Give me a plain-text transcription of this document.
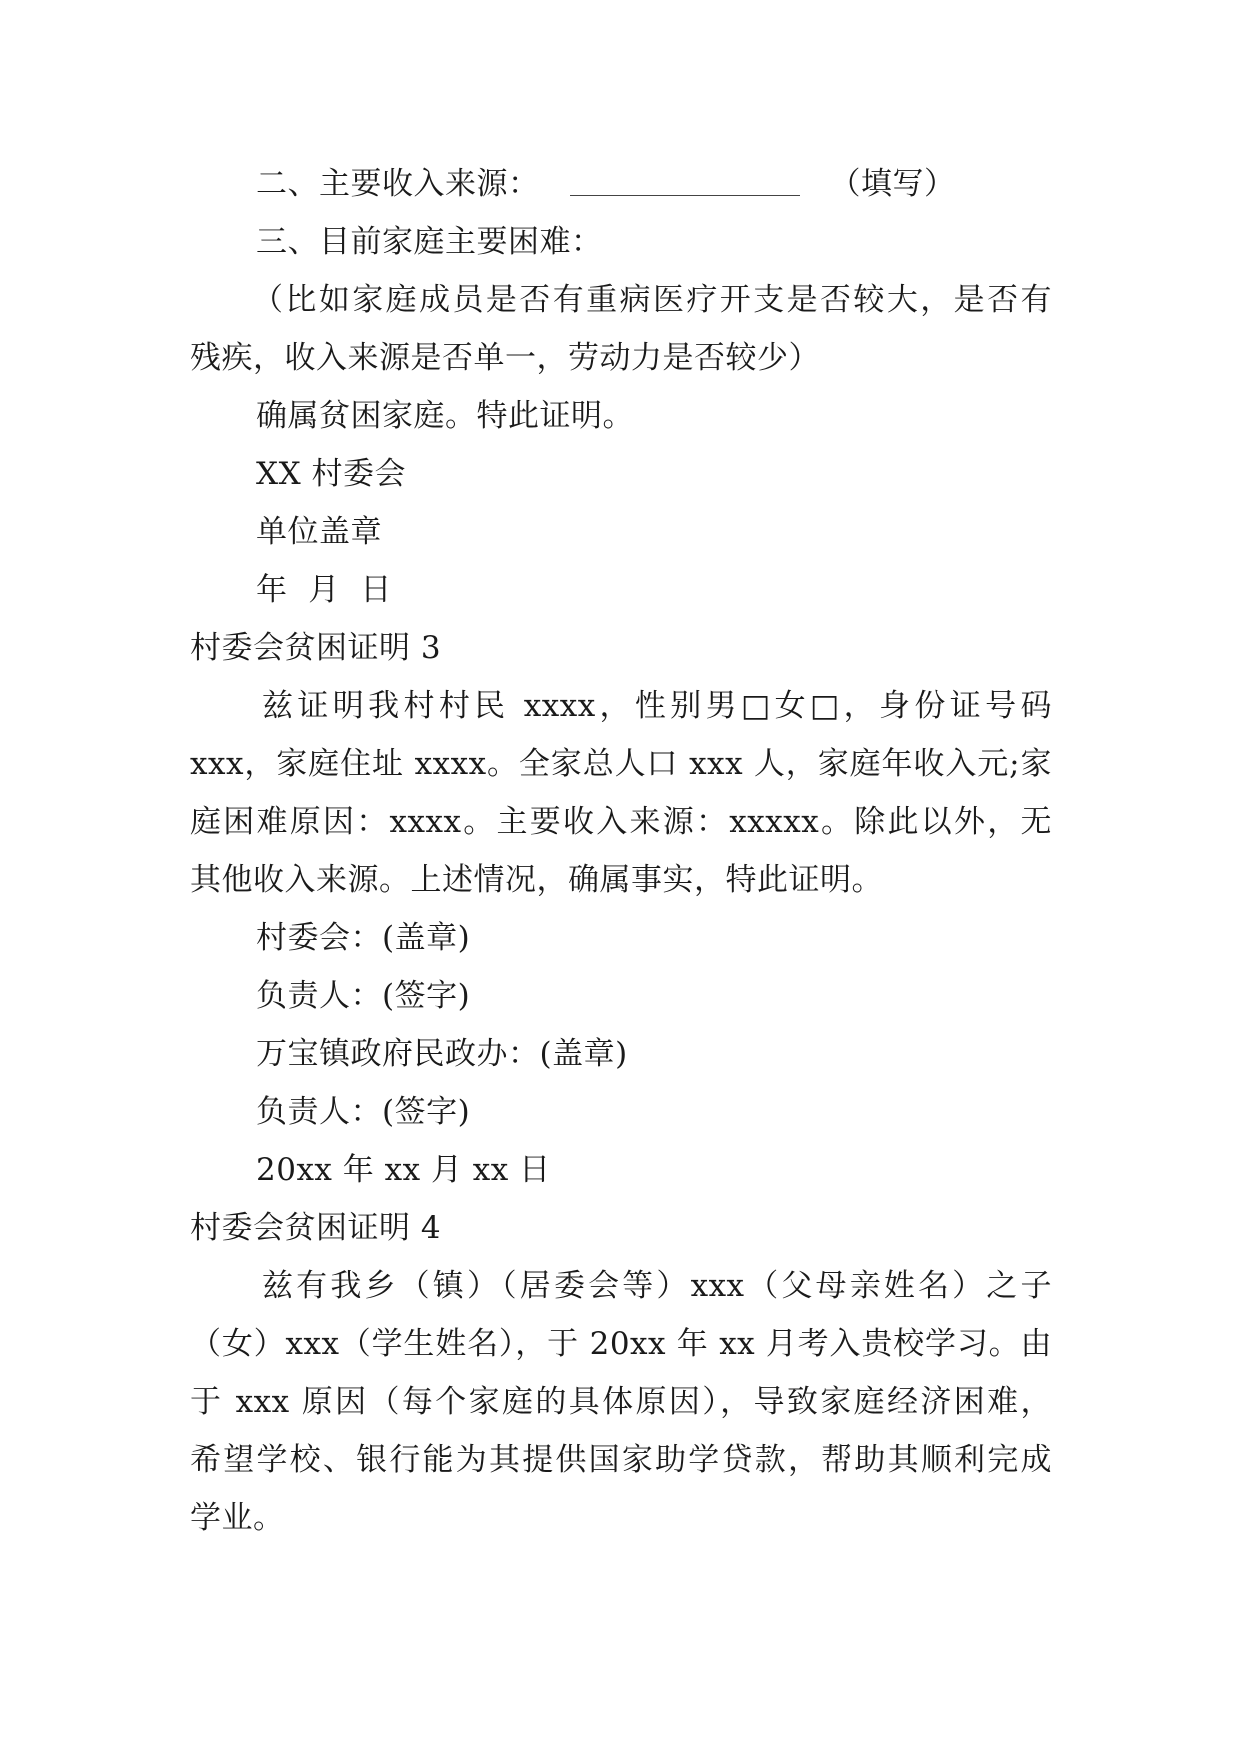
二、主要收入来源：	（填写）
三、目前家庭主要困难：
（比如家庭成员是否有重病医疗开支是否较大，是否有
残疾，收入来源是否单一，劳动力是否较少）
确属贫困家庭。特此证明。
XX 村委会
单位盖章
年  月  日
村委会贫困证明 3
兹证明我村村民 xxxx，性别男□女□，身份证号码
xxx，家庭住址 xxxx。全家总人口 xxx 人，家庭年收入元;家
庭困难原因：xxxx。主要收入来源：xxxxx。除此以外，无
其他收入来源。上述情况，确属事实，特此证明。
村委会：(盖章)
负责人：(签字)
万宝镇政府民政办：(盖章)
负责人：(签字)
20xx 年 xx 月 xx 日
村委会贫困证明 4
兹有我乡（镇）（居委会等）xxx（父母亲姓名）之子
（女）xxx（学生姓名），于 20xx 年 xx 月考入贵校学习。由
于 xxx 原因（每个家庭的具体原因），导致家庭经济困难，
希望学校、银行能为其提供国家助学贷款，帮助其顺利完成
学业。
